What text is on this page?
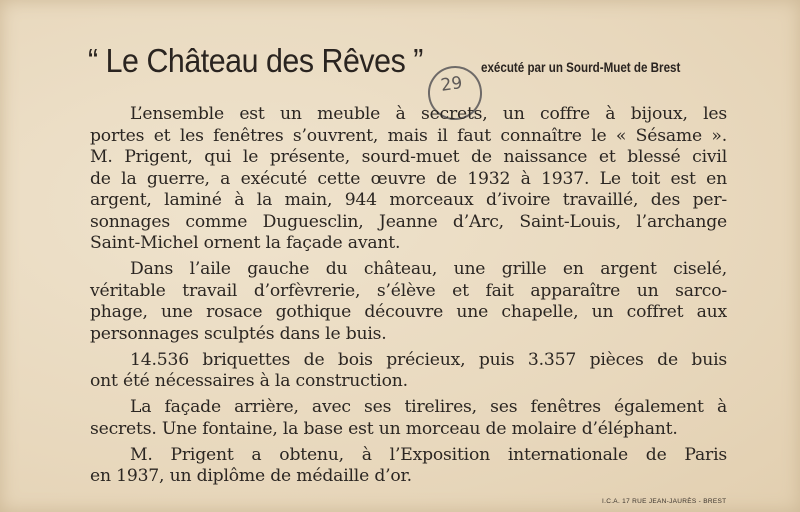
“ Le Château des Rêves ”	exécuté par un Sourd-Muet de Brest
29
L’ensemble est un meuble à secrets, un coffre à bijoux, les
portes et les fenêtres s’ouvrent, mais il faut connaître le « Sésame ».
M. Prigent, qui le présente, sourd-muet de naissance et blessé civil
de la guerre, a exécuté cette œuvre de 1932 à 1937. Le toit est en
argent, laminé à la main, 944 morceaux d’ivoire travaillé, des per-
sonnages comme Duguesclin, Jeanne d’Arc, Saint-Louis, l’archange
Saint-Michel ornent la façade avant.
Dans l’aile gauche du château, une grille en argent ciselé,
véritable travail d’orfèvrerie, s’élève et fait apparaître un sarco-
phage, une rosace gothique découvre une chapelle, un coffret aux
personnages sculptés dans le buis.
14.536 briquettes de bois précieux, puis 3.357 pièces de buis
ont été nécessaires à la construction.
La façade arrière, avec ses tirelires, ses fenêtres également à
secrets. Une fontaine, la base est un morceau de molaire d’éléphant.
M. Prigent a obtenu, à l’Exposition internationale de Paris
en 1937, un diplôme de médaille d’or.
I.C.A. 17 RUE JEAN-JAURÈS - BREST
